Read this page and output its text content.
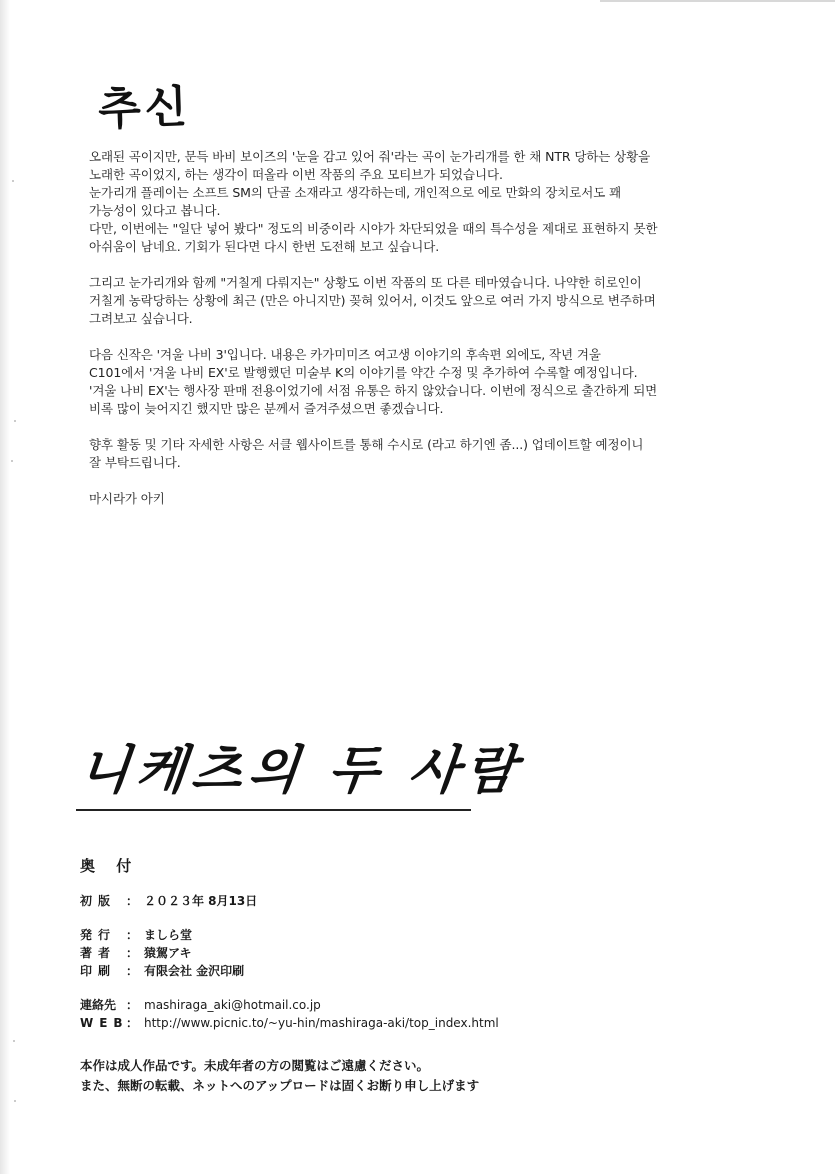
추신

오래된 곡이지만, 문득 바비 보이즈의 '눈을 감고 있어 줘'라는 곡이 눈가리개를 한 채 NTR 당하는 상황을
노래한 곡이었지, 하는 생각이 떠올라 이번 작품의 주요 모티브가 되었습니다.
눈가리개 플레이는 소프트 SM의 단골 소재라고 생각하는데, 개인적으로 에로 만화의 장치로서도 꽤
가능성이 있다고 봅니다.
다만, 이번에는 "일단 넣어 봤다" 정도의 비중이라 시야가 차단되었을 때의 특수성을 제대로 표현하지 못한
아쉬움이 남네요. 기회가 된다면 다시 한번 도전해 보고 싶습니다.

그리고 눈가리개와 함께 "거칠게 다뤄지는" 상황도 이번 작품의 또 다른 테마였습니다. 나약한 히로인이
거칠게 농락당하는 상황에 최근 (만은 아니지만) 꽂혀 있어서, 이것도 앞으로 여러 가지 방식으로 변주하며
그려보고 싶습니다.

다음 신작은 '겨울 나비 3'입니다. 내용은 카가미미즈 여고생 이야기의 후속편 외에도, 작년 겨울
C101에서 '겨울 나비 EX'로 발행했던 미술부 K의 이야기를 약간 수정 및 추가하여 수록할 예정입니다.
'겨울 나비 EX'는 행사장 판매 전용이었기에 서점 유통은 하지 않았습니다. 이번에 정식으로 출간하게 되면
비록 많이 늦어지긴 했지만 많은 분께서 즐겨주셨으면 좋겠습니다.

향후 활동 및 기타 자세한 사항은 서클 웹사이트를 통해 수시로 (라고 하기엔 좀...) 업데이트할 예정이니
잘 부탁드립니다.

마시라가 아키

니케츠의 두 사람
奥 付
初版 ： ２０２３年 8月13日
発行 ： ましら堂
著者 ： 猿駕アキ
印刷 ： 有限会社 金沢印刷
連絡先 ： mashiraga_aki@hotmail.co.jp
WEB： http://www.picnic.to/~yu-hin/mashiraga-aki/top_index.html
本作は成人作品です。未成年者の方の閲覧はご遠慮ください。
また、無断の転載、ネットへのアップロードは固くお断り申し上げます
